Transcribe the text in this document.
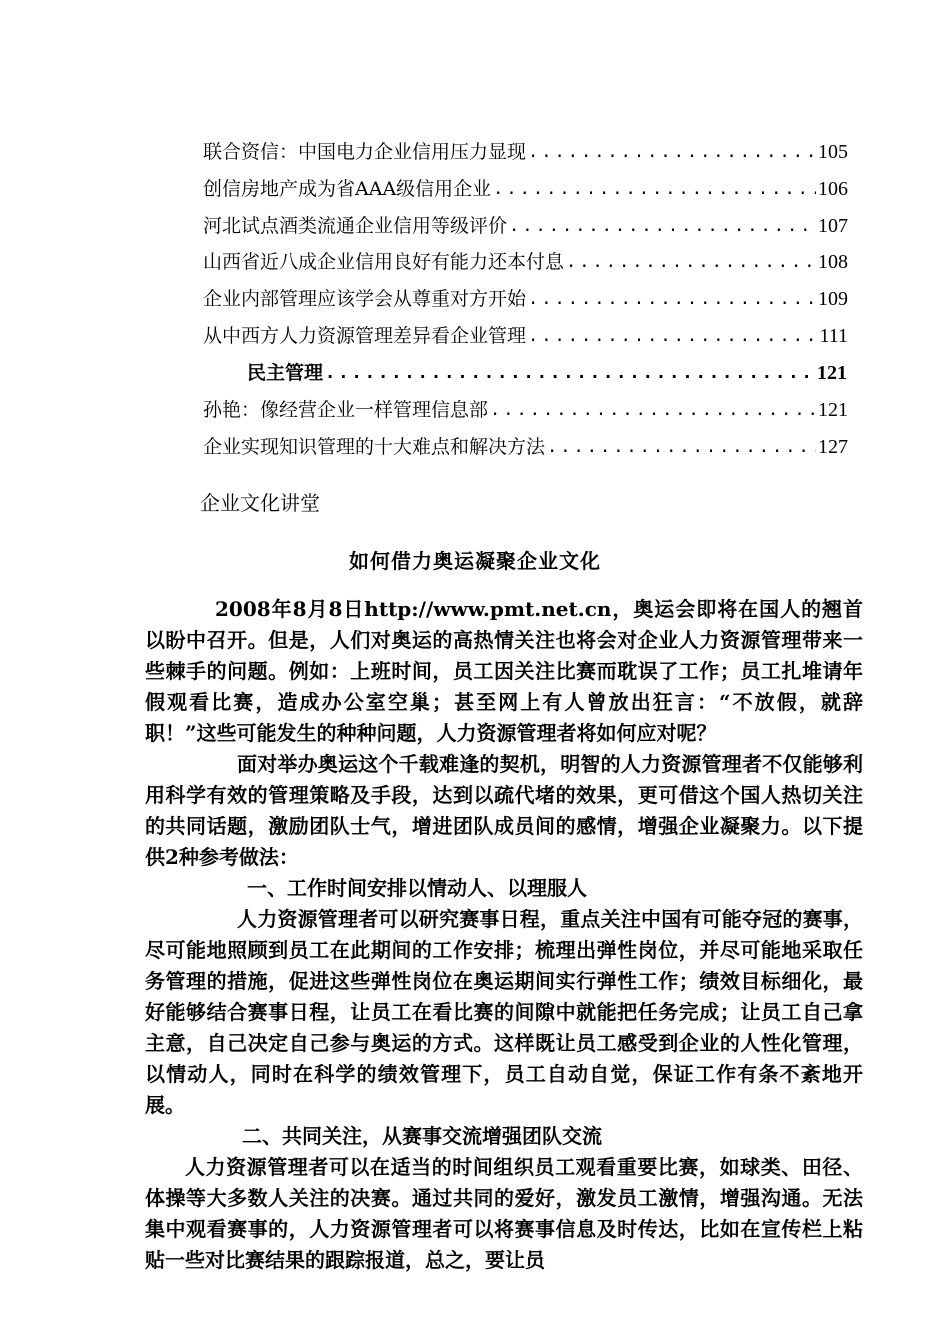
联合资信：中国电力企业信用压力显现 .....	105
创信房地产成为省AAA级信用企业 .....	106
河北试点酒类流通企业信用等级评价 .....	107
山西省近八成企业信用良好有能力还本付息 .....	108
企业内部管理应该学会从尊重对方开始 .....	109
从中西方人力资源管理差异看企业管理 .....	111
民主管理 .....	121
孙艳：像经营企业一样管理信息部 .....	121
企业实现知识管理的十大难点和解决方法 .....	127
企业文化讲堂
如何借力奥运凝聚企业文化

2008年8月8日http://www.pmt.net.cn，奥运会即将在国人的翘首以盼中召开。但是，人们对奥运的高热情关注也将会对企业人力资源管理带来一些棘手的问题。例如：上班时间，员工因关注比赛而耽误了工作；员工扎堆请年假观看比赛，造成办公室空巢；甚至网上有人曾放出狂言：“不放假，就辞职！”这些可能发生的种种问题，人力资源管理者将如何应对呢？

面对举办奥运这个千载难逢的契机，明智的人力资源管理者不仅能够利用科学有效的管理策略及手段，达到以疏代堵的效果，更可借这个国人热切关注的共同话题，激励团队士气，增进团队成员间的感情，增强企业凝聚力。以下提供2种参考做法：

一、工作时间安排以情动人、以理服人

人力资源管理者可以研究赛事日程，重点关注中国有可能夺冠的赛事，尽可能地照顾到员工在此期间的工作安排；梳理出弹性岗位，并尽可能地采取任务管理的措施，促进这些弹性岗位在奥运期间实行弹性工作；绩效目标细化，最好能够结合赛事日程，让员工在看比赛的间隙中就能把任务完成；让员工自己拿主意，自己决定自己参与奥运的方式。这样既让员工感受到企业的人性化管理，以情动人，同时在科学的绩效管理下，员工自动自觉，保证工作有条不紊地开展。

二、共同关注，从赛事交流增强团队交流

人力资源管理者可以在适当的时间组织员工观看重要比赛，如球类、田径、体操等大多数人关注的决赛。通过共同的爱好，激发员工激情，增强沟通。无法集中观看赛事的，人力资源管理者可以将赛事信息及时传达，比如在宣传栏上粘贴一些对比赛结果的跟踪报道，总之，要让员
